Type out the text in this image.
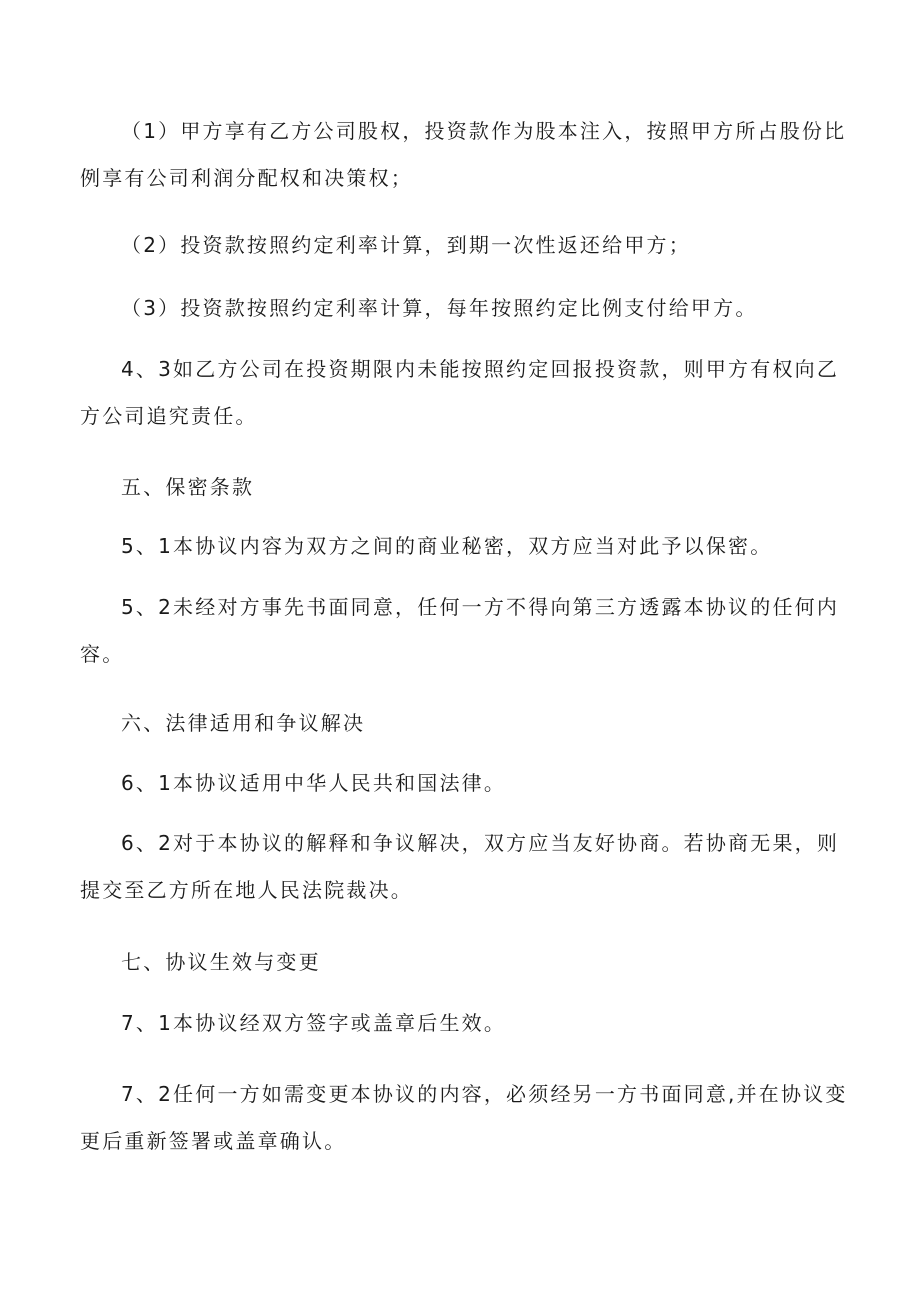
（1）甲方享有乙方公司股权，投资款作为股本注入，按照甲方所占股份比例享有公司利润分配权和决策权；

（2）投资款按照约定利率计算，到期一次性返还给甲方；

（3）投资款按照约定利率计算，每年按照约定比例支付给甲方。

4、3如乙方公司在投资期限内未能按照约定回报投资款，则甲方有权向乙方公司追究责任。

五、保密条款

5、1本协议内容为双方之间的商业秘密，双方应当对此予以保密。

5、2未经对方事先书面同意，任何一方不得向第三方透露本协议的任何内容。

六、法律适用和争议解决

6、1本协议适用中华人民共和国法律。

6、2对于本协议的解释和争议解决，双方应当友好协商。若协商无果，则提交至乙方所在地人民法院裁决。

七、协议生效与变更

7、1本协议经双方签字或盖章后生效。

7、2任何一方如需变更本协议的内容，必须经另一方书面同意,并在协议变更后重新签署或盖章确认。
